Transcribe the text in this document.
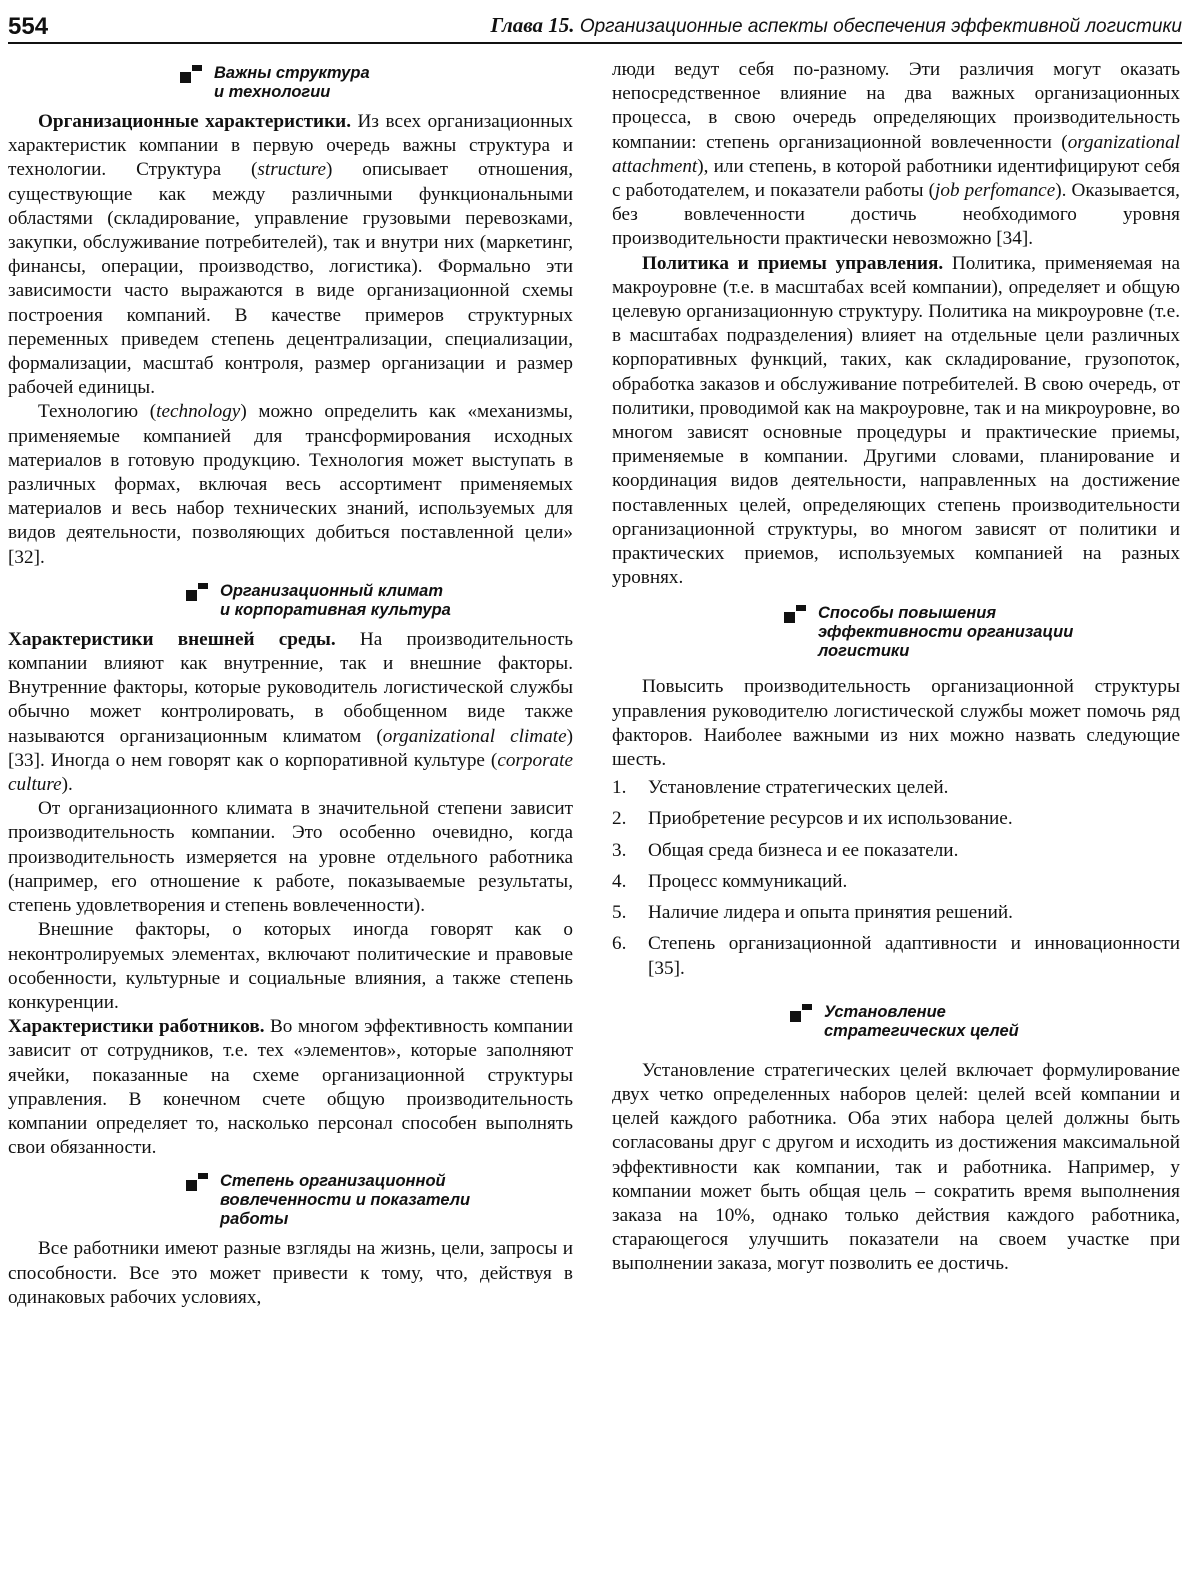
554	Глава 15. Организационные аспекты обеспечения эффективной логистики
Важны структура
и технологии

Организационные характеристики. Из всех организационных характеристик компании в первую очередь важны структура и технологии. Структура (structure) описывает отношения, существующие как между различными функциональными областями (складирование, управление грузовыми перевозками, закупки, обслуживание потребителей), так и внутри них (маркетинг, финансы, операции, производство, логистика). Формально эти зависимости часто выражаются в виде организационной схемы построения компаний. В качестве примеров структурных переменных приведем степень децентрализации, специализации, формализации, масштаб контроля, размер организации и размер рабочей единицы.

Технологию (technology) можно определить как «механизмы, применяемые компанией для трансформирования исходных материалов в готовую продукцию. Технология может выступать в различных формах, включая весь ассортимент применяемых материалов и весь набор технических знаний, используемых для видов деятельности, позволяющих добиться поставленной цели» [32].

Организационный климат
и корпоративная культура

Характеристики внешней среды. На производительность компании влияют как внутренние, так и внешние факторы. Внутренние факторы, которые руководитель логистической службы обычно может контролировать, в обобщенном виде также называются организационным климатом (organizational climate) [33]. Иногда о нем говорят как о корпоративной культуре (corporate culture).

От организационного климата в значительной степени зависит производительность компании. Это особенно очевидно, когда производительность измеряется на уровне отдельного работника (например, его отношение к работе, показываемые результаты, степень удовлетворения и степень вовлеченности).

Внешние факторы, о которых иногда говорят как о неконтролируемых элементах, включают политические и правовые особенности, культурные и социальные влияния, а также степень конкуренции.

Характеристики работников. Во многом эффективность компании зависит от сотрудников, т.е. тех «элементов», которые заполняют ячейки, показанные на схеме организационной структуры управления. В конечном счете общую производительность компании определяет то, насколько персонал способен выполнять свои обязанности.

Степень организационной
вовлеченности и показатели
работы

Все работники имеют разные взгляды на жизнь, цели, запросы и способности. Все это может привести к тому, что, действуя в одинаковых рабочих условиях,

люди ведут себя по-разному. Эти различия могут оказать непосредственное влияние на два важных организационных процесса, в свою очередь определяющих производительность компании: степень организационной вовлеченности (organizational attachment), или степень, в которой работники идентифицируют себя с работодателем, и показатели работы (job perfomance). Оказывается, без вовлеченности достичь необходимого уровня производительности практически невозможно [34].

Политика и приемы управления. Политика, применяемая на макроуровне (т.е. в масштабах всей компании), определяет и общую целевую организационную структуру. Политика на микроуровне (т.е. в масштабах подразделения) влияет на отдельные цели различных корпоративных функций, таких, как складирование, грузопоток, обработка заказов и обслуживание потребителей. В свою очередь, от политики, проводимой как на макроуровне, так и на микроуровне, во многом зависят основные процедуры и практические приемы, применяемые в компании. Другими словами, планирование и координация видов деятельности, направленных на достижение поставленных целей, определяющих степень производительности организационной структуры, во многом зависят от политики и практических приемов, используемых компанией на разных уровнях.

Способы повышения
эффективности организации
логистики

Повысить производительность организационной структуры управления руководителю логистической службы может помочь ряд факторов. Наиболее важными из них можно назвать следующие шесть.

1.	Установление стратегических целей.
2.	Приобретение ресурсов и их использование.
3.	Общая среда бизнеса и ее показатели.
4.	Процесс коммуникаций.
5.	Наличие лидера и опыта принятия решений.
6.	Степень организационной адаптивности и инновационности [35].
Установление
стратегических целей

Установление стратегических целей включает формулирование двух четко определенных наборов целей: целей всей компании и целей каждого работника. Оба этих набора целей должны быть согласованы друг с другом и исходить из достижения максимальной эффективности как компании, так и работника. Например, у компании может быть общая цель – сократить время выполнения заказа на 10%, однако только действия каждого работника, старающегося улучшить показатели на своем участке при выполнении заказа, могут позволить ее достичь.
